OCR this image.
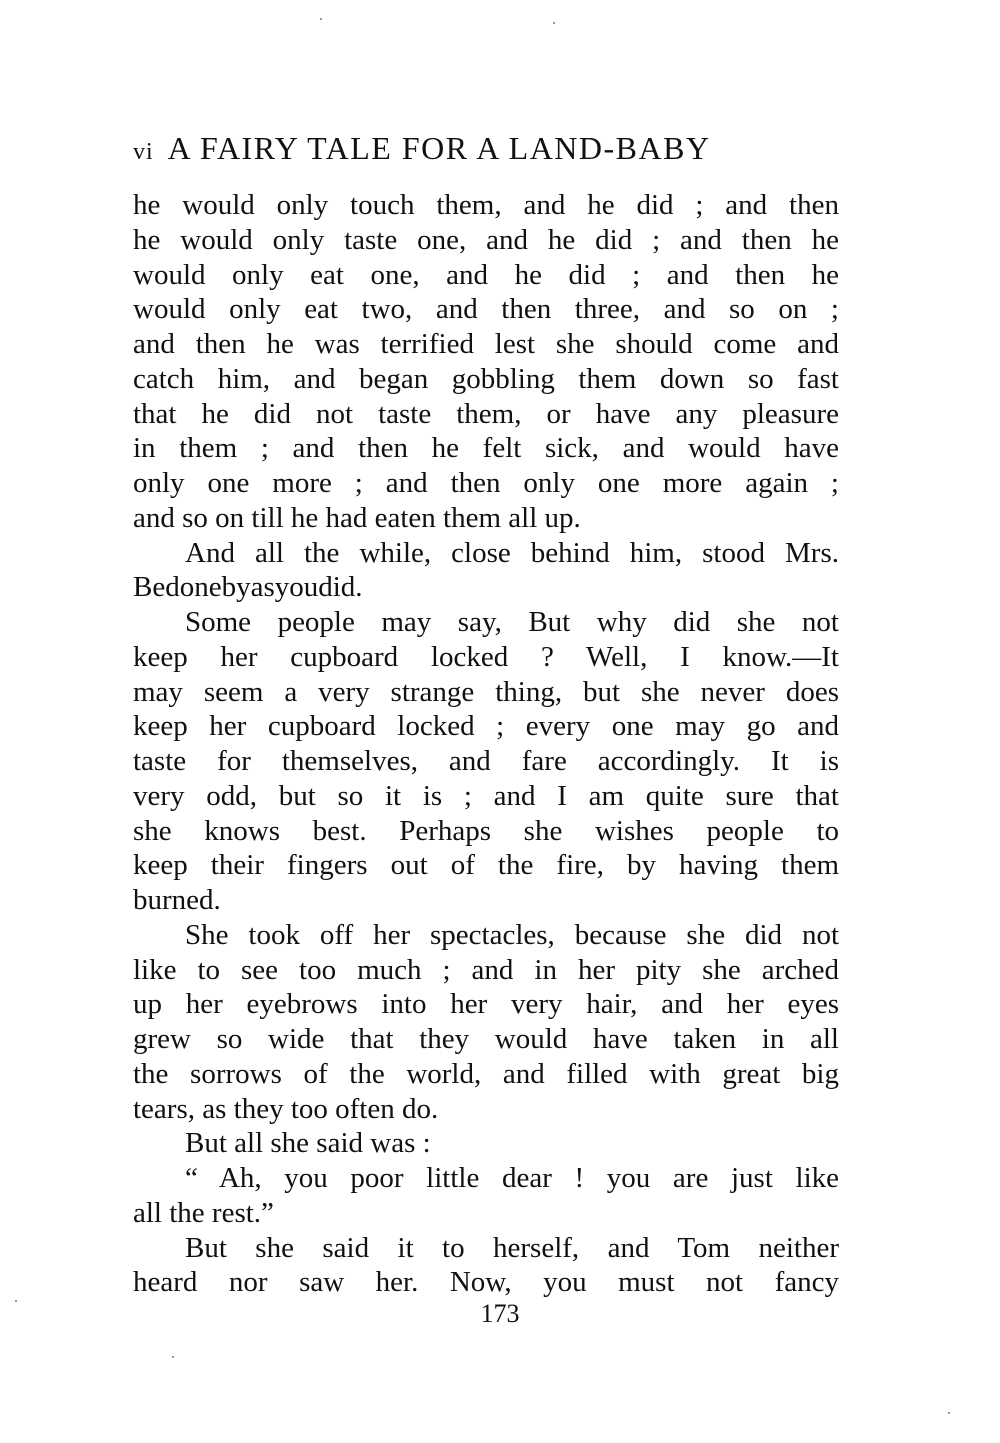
vi A FAIRY TALE FOR A LAND-BABY
he would only touch them, and he did ; and then
he would only taste one, and he did ; and then he
would only eat one, and he did ; and then he
would only eat two, and then three, and so on ;
and then he was terrified lest she should come and
catch him, and began gobbling them down so fast
that he did not taste them, or have any pleasure
in them ; and then he felt sick, and would have
only one more ; and then only one more again ;
and so on till he had eaten them all up.
And all the while, close behind him, stood Mrs.
Bedonebyasyoudid.
Some people may say, But why did she not
keep her cupboard locked ? Well, I know.—It
may seem a very strange thing, but she never does
keep her cupboard locked ; every one may go and
taste for themselves, and fare accordingly. It is
very odd, but so it is ; and I am quite sure that
she knows best. Perhaps she wishes people to
keep their fingers out of the fire, by having them
burned.
She took off her spectacles, because she did not
like to see too much ; and in her pity she arched
up her eyebrows into her very hair, and her eyes
grew so wide that they would have taken in all
the sorrows of the world, and filled with great big
tears, as they too often do.
But all she said was :
“ Ah, you poor little dear ! you are just like
all the rest.”
But she said it to herself, and Tom neither
heard nor saw her. Now, you must not fancy
173
